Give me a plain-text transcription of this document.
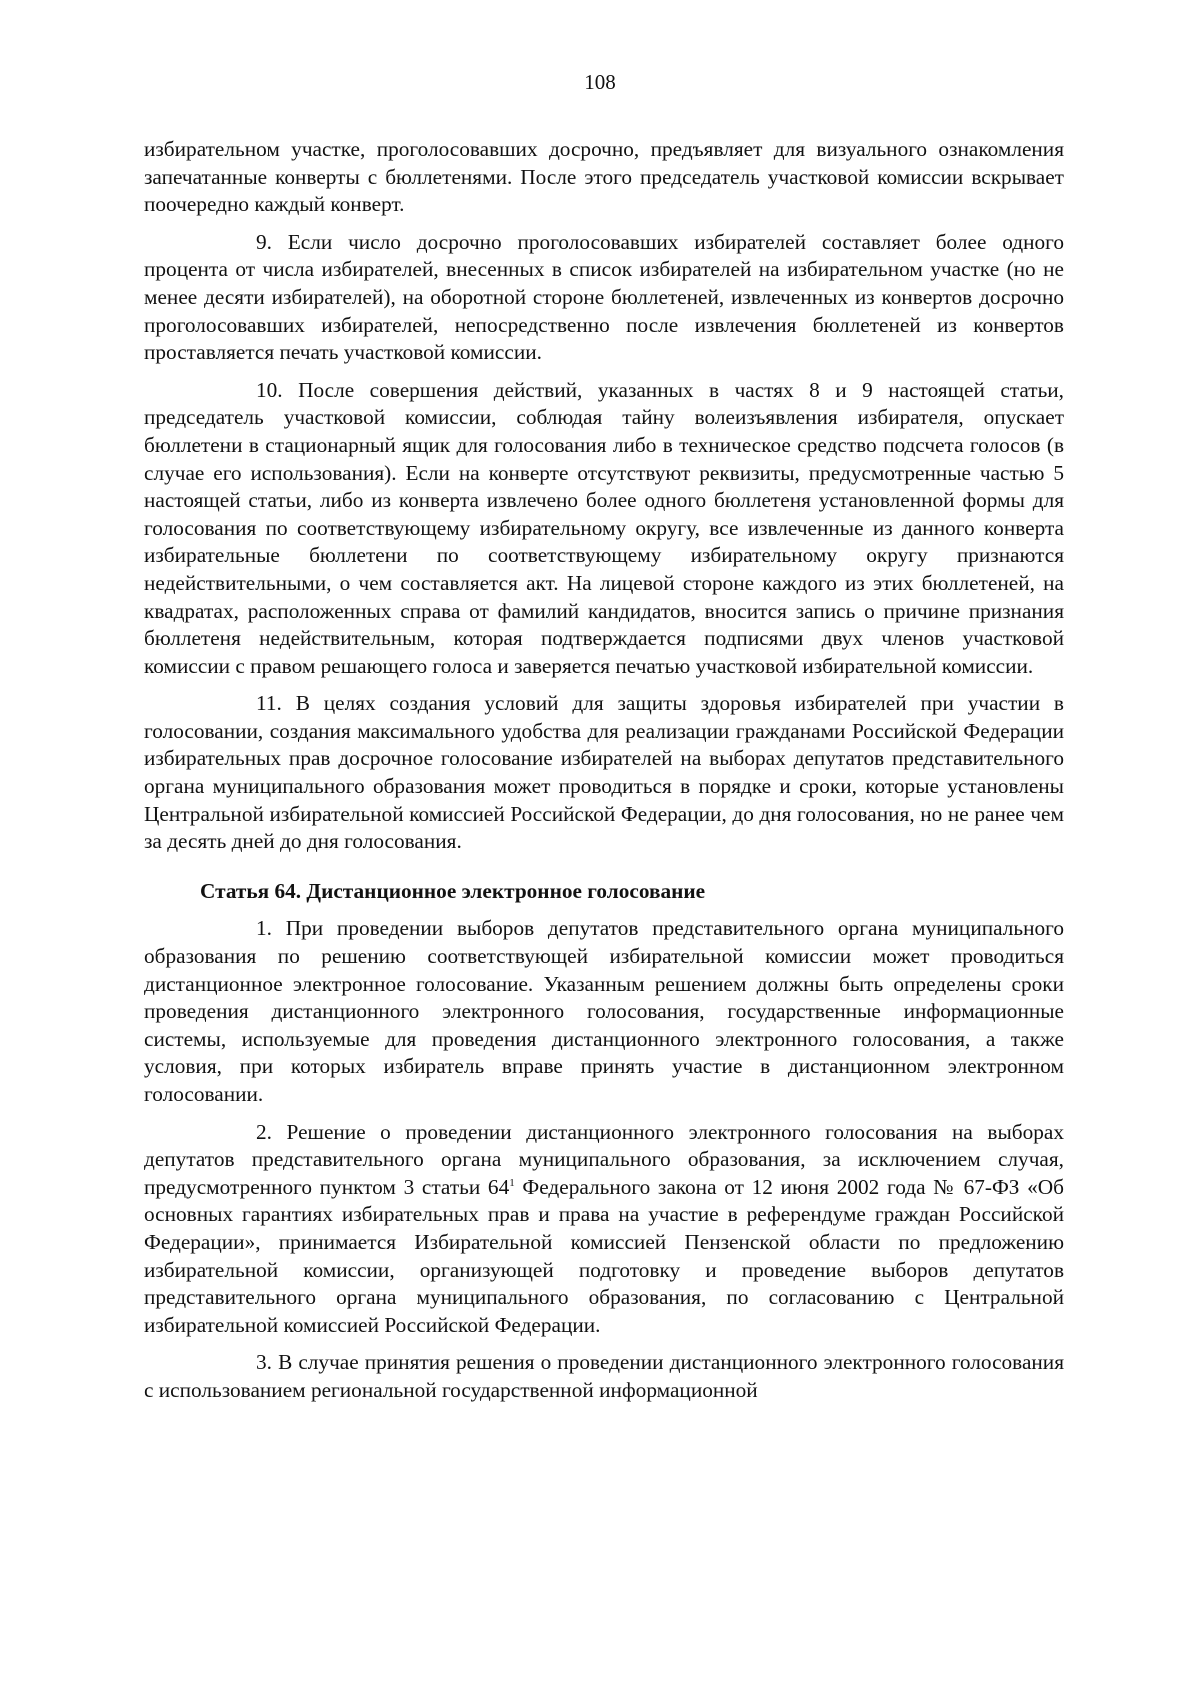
108

избирательном участке, проголосовавших досрочно, предъявляет для визуального ознакомления запечатанные конверты с бюллетенями. После этого председатель участковой комиссии вскрывает поочередно каждый конверт.

9. Если число досрочно проголосовавших избирателей составляет более одного процента от числа избирателей, внесенных в список избирателей на избирательном участке (но не менее десяти избирателей), на оборотной стороне бюллетеней, извлеченных из конвертов досрочно проголосовавших избирателей, непосредственно после извлечения бюллетеней из конвертов проставляется печать участковой комиссии.

10. После совершения действий, указанных в частях 8 и 9 настоящей статьи, председатель участковой комиссии, соблюдая тайну волеизъявления избирателя, опускает бюллетени в стационарный ящик для голосования либо в техническое средство подсчета голосов (в случае его использования). Если на конверте отсутствуют реквизиты, предусмотренные частью 5 настоящей статьи, либо из конверта извлечено более одного бюллетеня установленной формы для голосования по соответствующему избирательному округу, все извлеченные из данного конверта избирательные бюллетени по соответствующему избирательному округу признаются недействительными, о чем составляется акт. На лицевой стороне каждого из этих бюллетеней, на квадратах, расположенных справа от фамилий кандидатов, вносится запись о причине признания бюллетеня недействительным, которая подтверждается подписями двух членов участковой комиссии с правом решающего голоса и заверяется печатью участковой избирательной комиссии.

11. В целях создания условий для защиты здоровья избирателей при участии в голосовании, создания максимального удобства для реализации гражданами Российской Федерации избирательных прав досрочное голосование избирателей на выборах депутатов представительного органа муниципального образования может проводиться в порядке и сроки, которые установлены Центральной избирательной комиссией Российской Федерации, до дня голосования, но не ранее чем за десять дней до дня голосования.

Статья 64. Дистанционное электронное голосование

1. При проведении выборов депутатов представительного органа муниципального образования по решению соответствующей избирательной комиссии может проводиться дистанционное электронное голосование. Указанным решением должны быть определены сроки проведения дистанционного электронного голосования, государственные информационные системы, используемые для проведения дистанционного электронного голосования, а также условия, при которых избиратель вправе принять участие в дистанционном электронном голосовании.

2. Решение о проведении дистанционного электронного голосования на выборах депутатов представительного органа муниципального образования, за исключением случая, предусмотренного пунктом 3 статьи $64^1$ Федерального закона от 12 июня 2002 года № 67-ФЗ «Об основных гарантиях избирательных прав и права на участие в референдуме граждан Российской Федерации», принимается Избирательной комиссией Пензенской области по предложению избирательной комиссии, организующей подготовку и проведение выборов депутатов представительного органа муниципального образования, по согласованию с Центральной избирательной комиссией Российской Федерации.

3. В случае принятия решения о проведении дистанционного электронного голосования с использованием региональной государственной информационной
